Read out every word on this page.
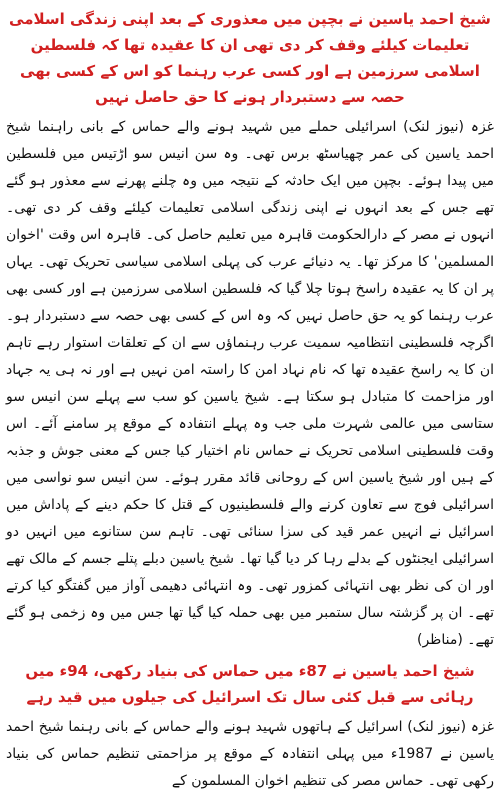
شیخ احمد یاسین نے بچپن میں معذوری کے بعد اپنی زندگی اسلامی تعلیمات کیلئے وقف کر دی تھی ان کا عقیدہ تھا کہ فلسطین اسلامی سرزمین ہے اور کسی عرب رہنما کو اس کے کسی بھی حصہ سے دستبردار ہونے کا حق حاصل نہیں

غزہ (نیوز لنک) اسرائیلی حملے میں شہید ہونے والے حماس کے بانی راہنما شیخ احمد یاسین کی عمر چھیاسٹھ برس تھی۔ وہ سن انیس سو اڑتیس میں فلسطین میں پیدا ہوئے۔ بچپن میں ایک حادثہ کے نتیجہ میں وہ چلنے پھرنے سے معذور ہو گئے تھے جس کے بعد انہوں نے اپنی زندگی اسلامی تعلیمات کیلئے وقف کر دی تھی۔ انہوں نے مصر کے دارالحکومت قاہرہ میں تعلیم حاصل کی۔ قاہرہ اس وقت 'اخوان المسلمین' کا مرکز تھا۔ یہ دنیائے عرب کی پہلی اسلامی سیاسی تحریک تھی۔ یہاں پر ان کا یہ عقیدہ راسخ ہوتا چلا گیا کہ فلسطین اسلامی سرزمین ہے اور کسی بھی عرب رہنما کو یہ حق حاصل نہیں کہ وہ اس کے کسی بھی حصہ سے دستبردار ہو۔ اگرچہ فلسطینی انتظامیہ سمیت عرب رہنماؤں سے ان کے تعلقات استوار رہے تاہم ان کا یہ راسخ عقیدہ تھا کہ نام نہاد امن کا راستہ امن نہیں ہے اور نہ ہی یہ جہاد اور مزاحمت کا متبادل ہو سکتا ہے۔ شیخ یاسین کو سب سے پہلے سن انیس سو ستاسی میں عالمی شہرت ملی جب وہ پہلے انتفادہ کے موقع پر سامنے آئے۔ اس وقت فلسطینی اسلامی تحریک نے حماس نام اختیار کیا جس کے معنی جوش و جذبہ کے ہیں اور شیخ یاسین اس کے روحانی قائد مقرر ہوئے۔ سن انیس سو نواسی میں اسرائیلی فوج سے تعاون کرنے والے فلسطینیوں کے قتل کا حکم دینے کے پاداش میں اسرائیل نے انہیں عمر قید کی سزا سنائی تھی۔ تاہم سن ستانوے میں انہیں دو اسرائیلی ایجنٹوں کے بدلے رہا کر دیا گیا تھا۔ شیخ یاسین دبلے پتلے جسم کے مالک تھے اور ان کی نظر بھی انتہائی کمزور تھی۔ وہ انتہائی دھیمی آواز میں گفتگو کیا کرتے تھے۔ ان پر گزشتہ سال ستمبر میں بھی حملہ کیا گیا تھا جس میں وہ زخمی ہو گئے تھے۔ (مناظر)

شیخ احمد یاسین نے 87ء میں حماس کی بنیاد رکھی، 94ء میں رہائی سے قبل کئی سال تک اسرائیل کی جیلوں میں قید رہے

غزہ (نیوز لنک) اسرائیل کے ہاتھوں شہید ہونے والے حماس کے بانی رہنما شیخ احمد یاسین نے 1987ء میں پہلی انتفادہ کے موقع پر مزاحمتی تنظیم حماس کی بنیاد رکھی تھی۔ حماس مصر کی تنظیم اخوان المسلمون کے
